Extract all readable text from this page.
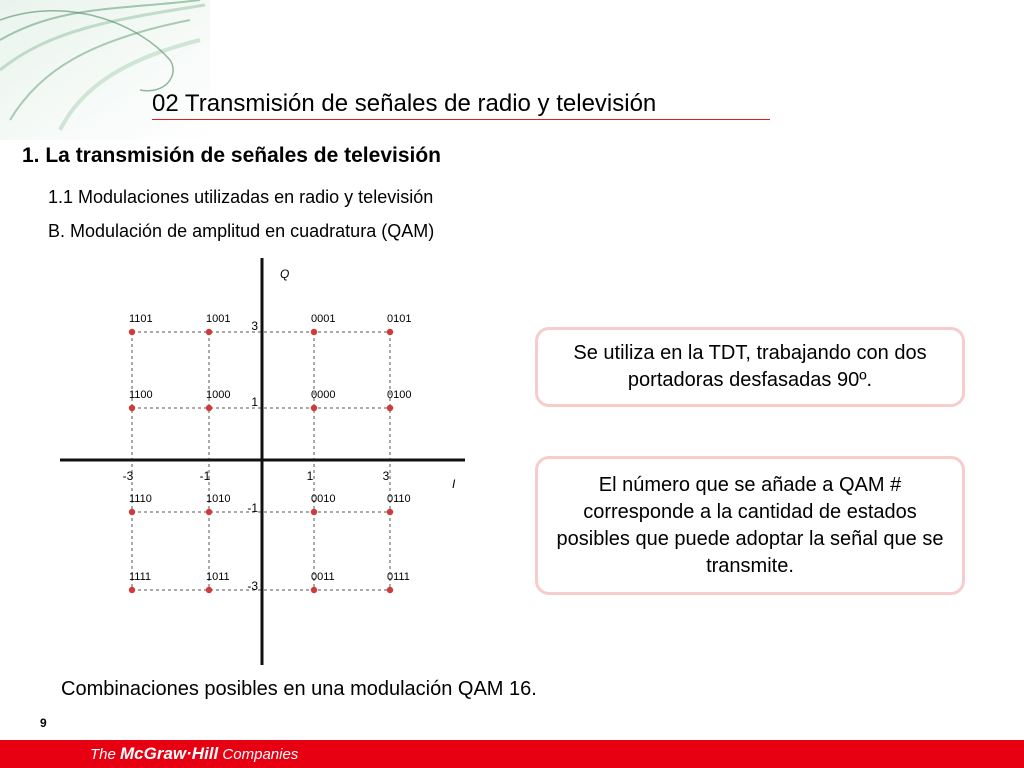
02 Transmisión de señales de radio y televisión
1. La transmisión de señales de televisión
1.1 Modulaciones utilizadas en radio y televisión
B. Modulación de amplitud en cuadratura (QAM)
Q
I
-3	-1	1	3
3
1
-1
-3
1101	1001	0001	0101
1100	1000	0000	0100
1110	1010	0010	0110
1111	1011	0011	0111
Se utiliza en la TDT, trabajando con dos portadoras desfasadas 90º.
El número que se añade a QAM # corresponde a la cantidad de estados posibles que puede adoptar la señal que se transmite.
Combinaciones posibles en una modulación QAM 16.
9
The McGraw·Hill Companies
